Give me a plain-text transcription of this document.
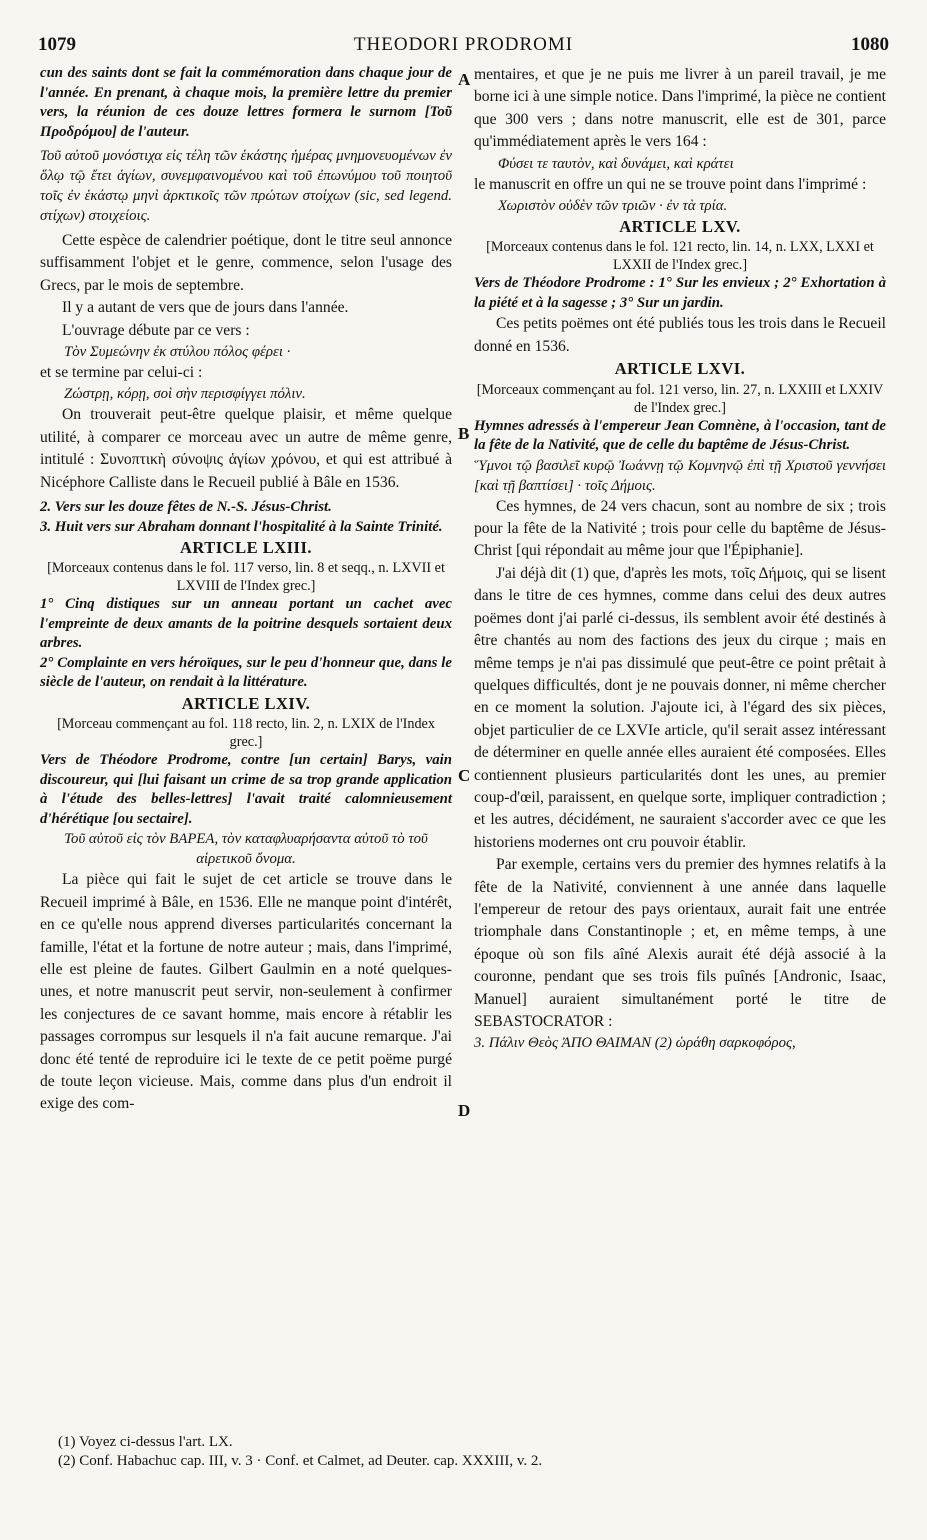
1079	THEODORI PRODROMI	1080

cun des saints dont se fait la commémoration dans chaque jour de l'année. En prenant, à chaque mois, la première lettre du premier vers, la réunion de ces douze lettres formera le surnom [Τοῦ Προδρόμου] de l'auteur.

Τοῦ αὐτοῦ μονόστιχα εἰς τέλη τῶν ἑκάστης ἡμέρας μνημονευομένων ἐν ὅλῳ τῷ ἔτει ἁγίων, συνεμφαινομένου καὶ τοῦ ἐπωνύμου τοῦ ποιητοῦ τοῖς ἐν ἑκάστῳ μηνὶ ἀρκτικοῖς τῶν πρώτων στοίχων (sic, sed legend. στίχων) στοιχείοις.

Cette espèce de calendrier poétique, dont le titre seul annonce suffisamment l'objet et le genre, commence, selon l'usage des Grecs, par le mois de septembre.

Il y a autant de vers que de jours dans l'année.

L'ouvrage débute par ce vers :

Τὸν Συμεώνην ἐκ στύλου πόλος φέρει ·

et se termine par celui-ci :

Ζώστρῃ, κόρῃ, σοὶ σὴν περισφίγγει πόλιν.

On trouverait peut-être quelque plaisir, et même quelque utilité, à comparer ce morceau avec un autre de même genre, intitulé : Συνοπτικὴ σύνοψις ἁγίων χρόνου, et qui est attribué à Nicéphore Calliste dans le Recueil publié à Bâle en 1536.

2. Vers sur les douze fêtes de N.-S. Jésus-Christ.

3. Huit vers sur Abraham donnant l'hospitalité à la Sainte Trinité.

ARTICLE LXIII.

[Morceaux contenus dans le fol. 117 verso, lin. 8 et seqq., n. LXVII et LXVIII de l'Index grec.]

1° Cinq distiques sur un anneau portant un cachet avec l'empreinte de deux amants de la poitrine desquels sortaient deux arbres.

2° Complainte en vers héroïques, sur le peu d'honneur que, dans le siècle de l'auteur, on rendait à la littérature.

ARTICLE LXIV.

[Morceau commençant au fol. 118 recto, lin. 2, n. LXIX de l'Index grec.]

Vers de Théodore Prodrome, contre [un certain] Barys, vain discoureur, qui [lui faisant un crime de sa trop grande application à l'étude des belles-lettres] l'avait traité calomnieusement d'hérétique [ou sectaire].

Τοῦ αὐτοῦ εἰς τὸν ΒΑΡΕΑ, τὸν καταφλυαρήσαντα αὐτοῦ τὸ τοῦ αἱρετικοῦ ὄνομα.

La pièce qui fait le sujet de cet article se trouve dans le Recueil imprimé à Bâle, en 1536. Elle ne manque point d'intérêt, en ce qu'elle nous apprend diverses particularités concernant la famille, l'état et la fortune de notre auteur ; mais, dans l'imprimé, elle est pleine de fautes. Gilbert Gaulmin en a noté quelques-unes, et notre manuscrit peut servir, non-seulement à confirmer les conjectures de ce savant homme, mais encore à rétablir les passages corrompus sur lesquels il n'a fait aucune remarque. J'ai donc été tenté de reproduire ici le texte de ce petit poëme purgé de toute leçon vicieuse. Mais, comme dans plus d'un endroit il exige des com-

mentaires, et que je ne puis me livrer à un pareil travail, je me borne ici à une simple notice. Dans l'imprimé, la pièce ne contient que 300 vers ; dans notre manuscrit, elle est de 301, parce qu'immédiatement après le vers 164 :

Φύσει τε ταυτὸν, καὶ δυνάμει, καὶ κράτει

le manuscrit en offre un qui ne se trouve point dans l'imprimé :

Χωριστὸν οὐδὲν τῶν τριῶν · ἐν τὰ τρία.

ARTICLE LXV.

[Morceaux contenus dans le fol. 121 recto, lin. 14, n. LXX, LXXI et LXXII de l'Index grec.]

Vers de Théodore Prodrome : 1° Sur les envieux ; 2° Exhortation à la piété et à la sagesse ; 3° Sur un jardin.

Ces petits poëmes ont été publiés tous les trois dans le Recueil donné en 1536.

ARTICLE LXVI.

[Morceaux commençant au fol. 121 verso, lin. 27, n. LXXIII et LXXIV de l'Index grec.]

Hymnes adressés à l'empereur Jean Comnène, à l'occasion, tant de la fête de la Nativité, que de celle du baptême de Jésus-Christ.

Ὕμνοι τῷ βασιλεῖ κυρῷ Ἰωάννῃ τῷ Κομνηνῷ ἐπὶ τῇ Χριστοῦ γεννήσει [καὶ τῇ βαπτίσει] · τοῖς Δήμοις.

Ces hymnes, de 24 vers chacun, sont au nombre de six ; trois pour la fête de la Nativité ; trois pour celle du baptême de Jésus-Christ [qui répondait au même jour que l'Épiphanie].

J'ai déjà dit (1) que, d'après les mots, τοῖς Δήμοις, qui se lisent dans le titre de ces hymnes, comme dans celui des deux autres poëmes dont j'ai parlé ci-dessus, ils semblent avoir été destinés à être chantés au nom des factions des jeux du cirque ; mais en même temps je n'ai pas dissimulé que peut-être ce point prêtait à quelques difficultés, dont je ne pouvais donner, ni même chercher en ce moment la solution. J'ajoute ici, à l'égard des six pièces, objet particulier de ce LXVIe article, qu'il serait assez intéressant de déterminer en quelle année elles auraient été composées. Elles contiennent plusieurs particularités dont les unes, au premier coup-d'œil, paraissent, en quelque sorte, impliquer contradiction ; et les autres, décidément, ne sauraient s'accorder avec ce que les historiens modernes ont cru pouvoir établir.

Par exemple, certains vers du premier des hymnes relatifs à la fête de la Nativité, conviennent à une année dans laquelle l'empereur de retour des pays orientaux, aurait fait une entrée triomphale dans Constantinople ; et, en même temps, à une époque où son fils aîné Alexis aurait été déjà associé à la couronne, pendant que ses trois fils puînés [Andronic, Isaac, Manuel] auraient simultanément porté le titre de SEBASTOCRATOR :

3. Πάλιν Θεὸς ἈΠΟ ΘΑΙΜΑΝ (2) ὡράθη σαρκοφόρος,

A
B
C
D
(1) Voyez ci-dessus l'art. LX.
(2) Conf. Habachuc cap. III, v. 3 · Conf. et Calmet, ad Deuter. cap. XXXIII, v. 2.
